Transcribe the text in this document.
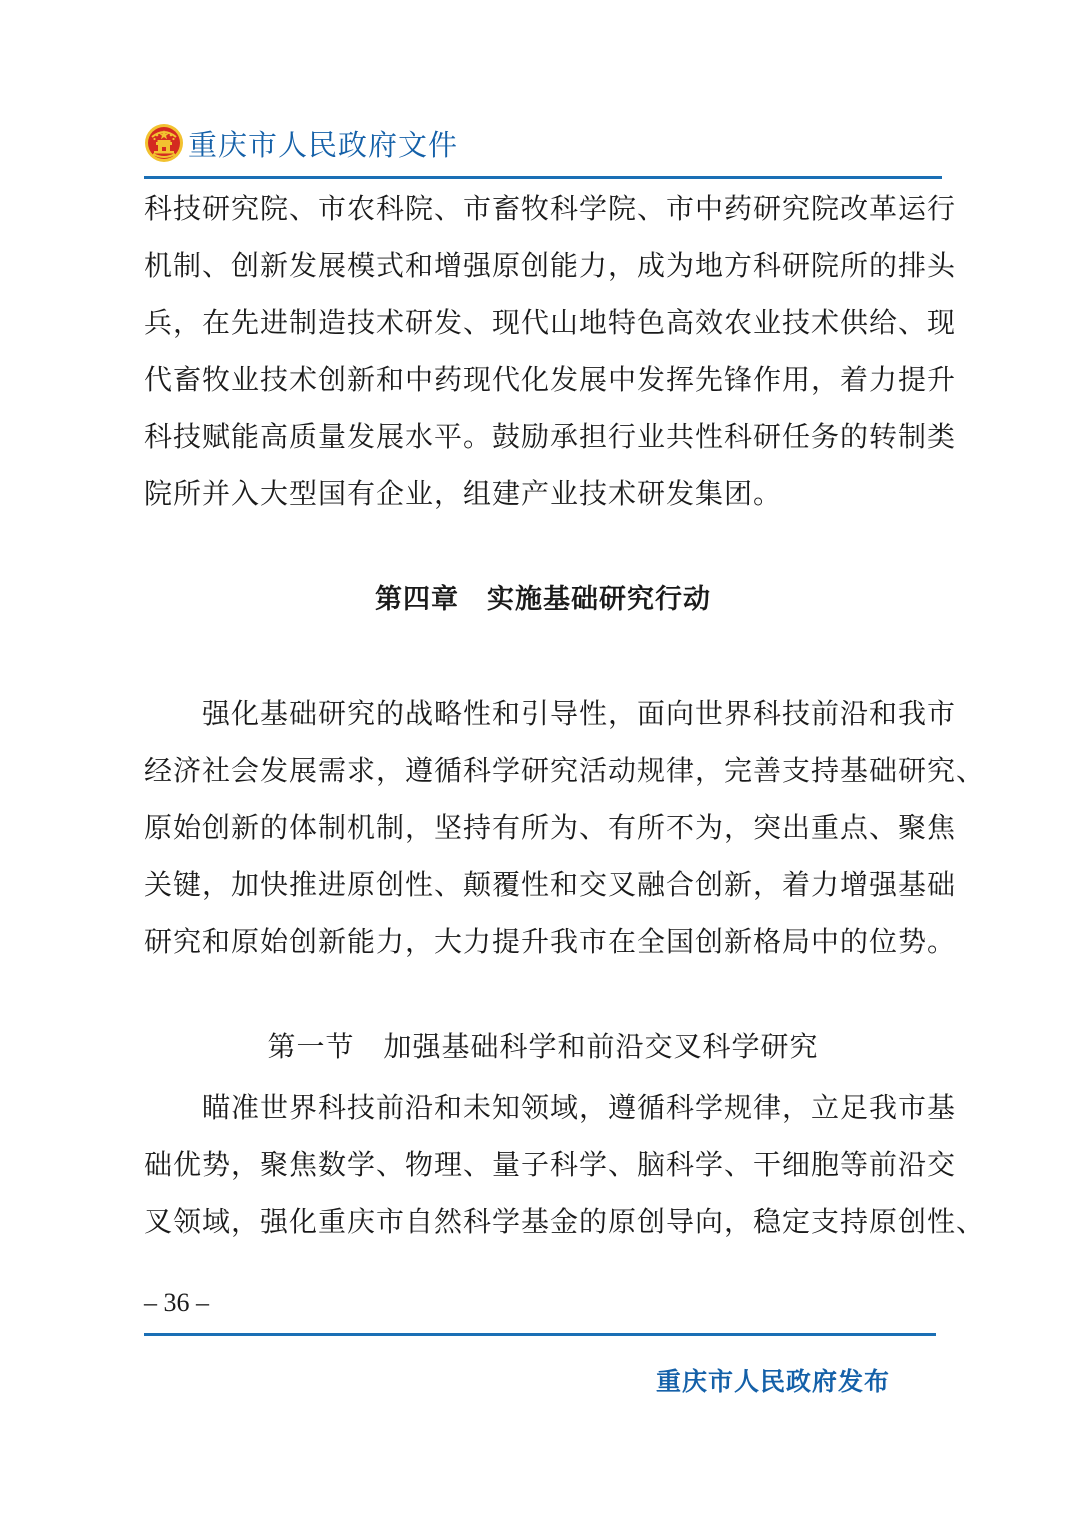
重庆市人民政府文件
科技研究院、市农科院、市畜牧科学院、市中药研究院改革运行
机制、创新发展模式和增强原创能力，成为地方科研院所的排头
兵，在先进制造技术研发、现代山地特色高效农业技术供给、现
代畜牧业技术创新和中药现代化发展中发挥先锋作用，着力提升
科技赋能高质量发展水平。鼓励承担行业共性科研任务的转制类
院所并入大型国有企业，组建产业技术研发集团。
第四章　实施基础研究行动
　　强化基础研究的战略性和引导性，面向世界科技前沿和我市
经济社会发展需求，遵循科学研究活动规律，完善支持基础研究、
原始创新的体制机制，坚持有所为、有所不为，突出重点、聚焦
关键，加快推进原创性、颠覆性和交叉融合创新，着力增强基础
研究和原始创新能力，大力提升我市在全国创新格局中的位势。
第一节　加强基础科学和前沿交叉科学研究
　　瞄准世界科技前沿和未知领域，遵循科学规律，立足我市基
础优势，聚焦数学、物理、量子科学、脑科学、干细胞等前沿交
叉领域，强化重庆市自然科学基金的原创导向，稳定支持原创性、
– 36 –
重庆市人民政府发布
